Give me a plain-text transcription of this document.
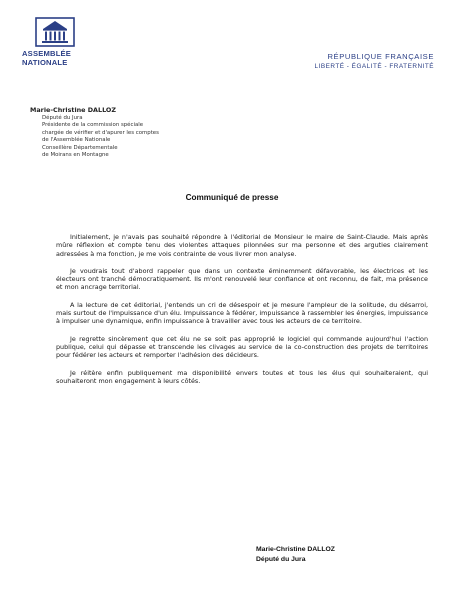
ASSEMBLÉE
NATIONALE
RÉPUBLIQUE FRANÇAISE
LIBERTÉ - ÉGALITÉ - FRATERNITÉ
Marie-Christine DALLOZ
Député du Jura
Présidente de la commission spéciale
chargée de vérifier et d'apurer les comptes
de l'Assemblée Nationale
Conseillère Départementale
de Moirans en Montagne
Communiqué de presse

Initialement, je n'avais pas souhaité répondre à l'éditorial de Monsieur le maire de Saint-Claude. Mais après mûre réflexion et compte tenu des violentes attaques pilonnées sur ma personne et des arguties clairement adressées à ma fonction, je me vois contrainte de vous livrer mon analyse.

Je voudrais tout d'abord rappeler que dans un contexte éminemment défavorable, les électrices et les électeurs ont tranché démocratiquement. Ils m'ont renouvelé leur confiance et ont reconnu, de fait, ma présence et mon ancrage territorial.

A la lecture de cet éditorial, j'entends un cri de désespoir et je mesure l'ampleur de la solitude, du désarroi, mais surtout de l'impuissance d'un élu. Impuissance à fédérer, impuissance à rassembler les énergies, impuissance à impulser une dynamique, enfin impuissance à travailler avec tous les acteurs de ce territoire.

Je regrette sincèrement que cet élu ne se soit pas approprié le logiciel qui commande aujourd'hui l'action publique, celui qui dépasse et transcende les clivages au service de la co-construction des projets de territoires pour fédérer les acteurs et remporter l'adhésion des décideurs.

Je réitère enfin publiquement ma disponibilité envers toutes et tous les élus qui souhaiteraient, qui souhaiteront mon engagement à leurs côtés.

Marie-Christine DALLOZ
Député du Jura
